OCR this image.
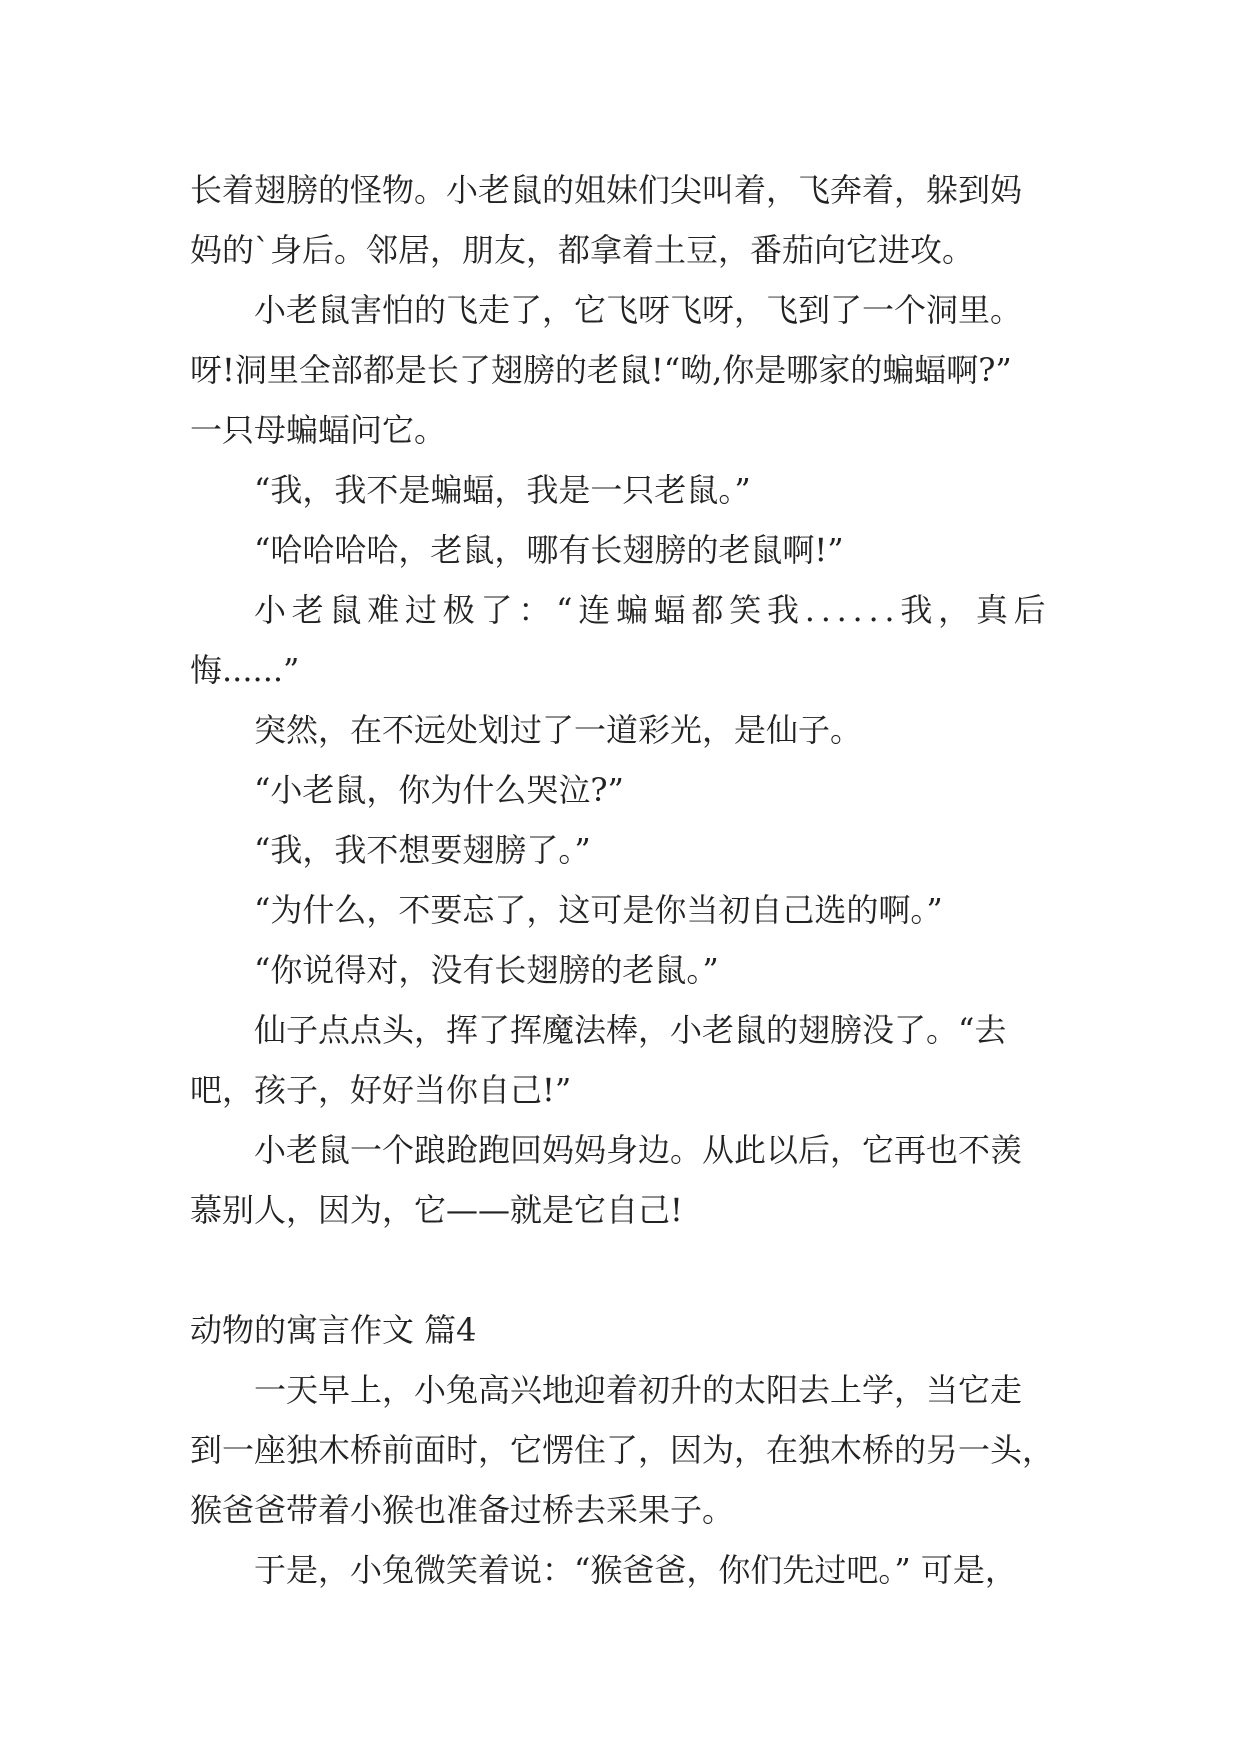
长着翅膀的怪物。小老鼠的姐妹们尖叫着，飞奔着，躲到妈
妈的`身后。邻居，朋友，都拿着土豆，番茄向它进攻。
小老鼠害怕的飞走了，它飞呀飞呀，飞到了一个洞里。
呀!洞里全部都是长了翅膀的老鼠!“呦,你是哪家的蝙蝠啊?”
一只母蝙蝠问它。
“我，我不是蝙蝠，我是一只老鼠。”
“哈哈哈哈，老鼠，哪有长翅膀的老鼠啊!”
小老鼠难过极了：“连蝙蝠都笑我......我，真后
悔......”
突然，在不远处划过了一道彩光，是仙子。
“小老鼠，你为什么哭泣?”
“我，我不想要翅膀了。”
“为什么，不要忘了，这可是你当初自己选的啊。”
“你说得对，没有长翅膀的老鼠。”
仙子点点头，挥了挥魔法棒，小老鼠的翅膀没了。“去
吧，孩子，好好当你自己!”
小老鼠一个踉跄跑回妈妈身边。从此以后，它再也不羡
慕别人，因为，它——就是它自己!
动物的寓言作文 篇4
一天早上，小兔高兴地迎着初升的太阳去上学，当它走
到一座独木桥前面时，它愣住了，因为，在独木桥的另一头，
猴爸爸带着小猴也准备过桥去采果子。
于是，小兔微笑着说：“猴爸爸，你们先过吧。” 可是，
